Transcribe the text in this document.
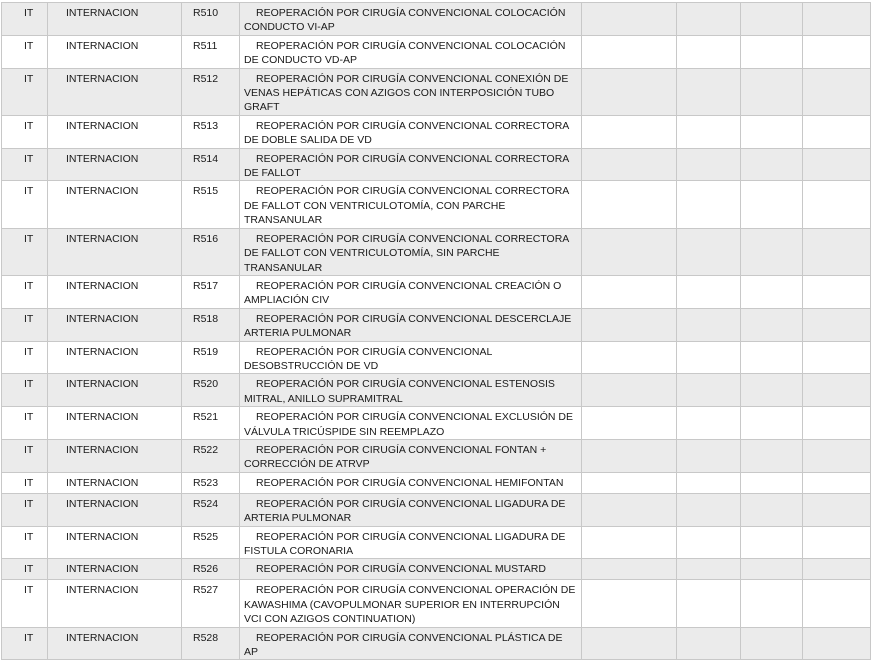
IT	INTERNACION	R510	REOPERACIÓN POR CIRUGÍA CONVENCIONAL COLOCACIÓN CONDUCTO VI-AP				
IT	INTERNACION	R511	REOPERACIÓN POR CIRUGÍA CONVENCIONAL COLOCACIÓN DE CONDUCTO VD-AP				
IT	INTERNACION	R512	REOPERACIÓN POR CIRUGÍA CONVENCIONAL CONEXIÓN DE VENAS HEPÁTICAS CON AZIGOS CON INTERPOSICIÓN TUBO GRAFT				
IT	INTERNACION	R513	REOPERACIÓN POR CIRUGÍA CONVENCIONAL CORRECTORA DE DOBLE SALIDA DE VD				
IT	INTERNACION	R514	REOPERACIÓN POR CIRUGÍA CONVENCIONAL CORRECTORA DE FALLOT				
IT	INTERNACION	R515	REOPERACIÓN POR CIRUGÍA CONVENCIONAL CORRECTORA DE FALLOT CON VENTRICULOTOMÍA, CON PARCHE TRANSANULAR				
IT	INTERNACION	R516	REOPERACIÓN POR CIRUGÍA CONVENCIONAL CORRECTORA DE FALLOT CON VENTRICULOTOMÍA, SIN PARCHE TRANSANULAR				
IT	INTERNACION	R517	REOPERACIÓN POR CIRUGÍA CONVENCIONAL CREACIÓN O AMPLIACIÓN CIV				
IT	INTERNACION	R518	REOPERACIÓN POR CIRUGÍA CONVENCIONAL DESCERCLAJE ARTERIA PULMONAR				
IT	INTERNACION	R519	REOPERACIÓN POR CIRUGÍA CONVENCIONAL DESOBSTRUCCIÓN DE VD				
IT	INTERNACION	R520	REOPERACIÓN POR CIRUGÍA CONVENCIONAL ESTENOSIS MITRAL, ANILLO SUPRAMITRAL				
IT	INTERNACION	R521	REOPERACIÓN POR CIRUGÍA CONVENCIONAL EXCLUSIÓN DE VÁLVULA TRICÚSPIDE SIN REEMPLAZO				
IT	INTERNACION	R522	REOPERACIÓN POR CIRUGÍA CONVENCIONAL FONTAN + CORRECCIÓN DE ATRVP				
IT	INTERNACION	R523	REOPERACIÓN POR CIRUGÍA CONVENCIONAL HEMIFONTAN				
IT	INTERNACION	R524	REOPERACIÓN POR CIRUGÍA CONVENCIONAL LIGADURA DE ARTERIA PULMONAR				
IT	INTERNACION	R525	REOPERACIÓN POR CIRUGÍA CONVENCIONAL LIGADURA DE FISTULA CORONARIA				
IT	INTERNACION	R526	REOPERACIÓN POR CIRUGÍA CONVENCIONAL MUSTARD				
IT	INTERNACION	R527	REOPERACIÓN POR CIRUGÍA CONVENCIONAL OPERACIÓN DE KAWASHIMA (CAVOPULMONAR SUPERIOR EN INTERRUPCIÓN VCI CON AZIGOS CONTINUATION)				
IT	INTERNACION	R528	REOPERACIÓN POR CIRUGÍA CONVENCIONAL PLÁSTICA DE AP				
